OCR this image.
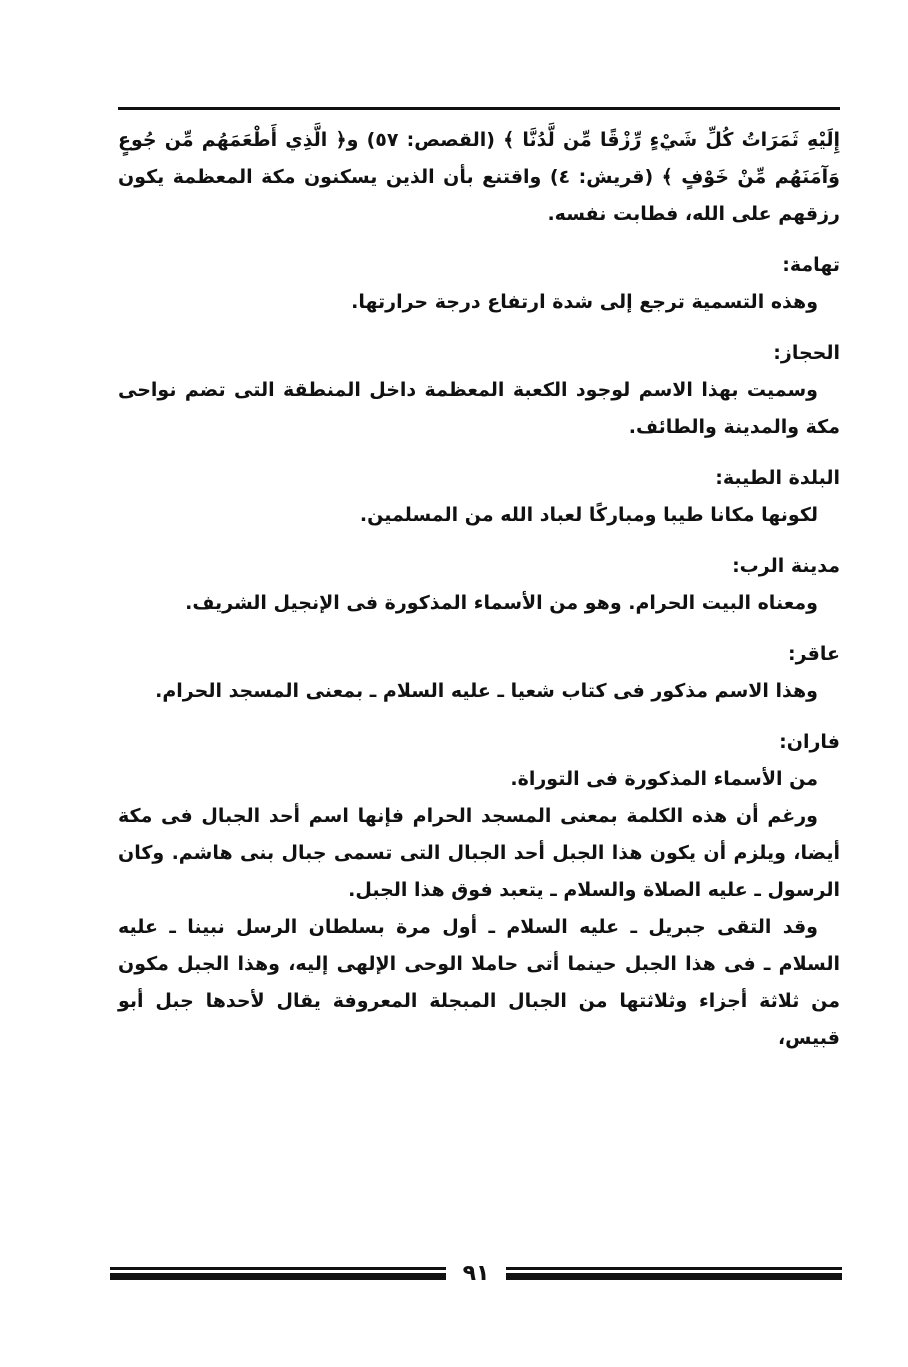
إِلَيْهِ ثَمَرَاتُ كُلِّ شَيْءٍ رِّزْقًا مِّن لَّدُنَّا ﴾ (القصص: ٥٧) و﴿ الَّذِي أَطْعَمَهُم مِّن جُوعٍ وَآمَنَهُم مِّنْ خَوْفٍ ﴾ (قريش: ٤) واقتنع بأن الذين يسكنون مكة المعظمة يكون رزقهم على الله، فطابت نفسه.

تهامة:

وهذه التسمية ترجع إلى شدة ارتفاع درجة حرارتها.

الحجاز:

وسميت بهذا الاسم لوجود الكعبة المعظمة داخل المنطقة التى تضم نواحى مكة والمدينة والطائف.

البلدة الطيبة:

لكونها مكانا طيبا ومباركًا لعباد الله من المسلمين.

مدينة الرب:

ومعناه البيت الحرام. وهو من الأسماء المذكورة فى الإنجيل الشريف.

عاقر:

وهذا الاسم مذكور فى كتاب شعيا ـ عليه السلام ـ بمعنى المسجد الحرام.

فاران:

من الأسماء المذكورة فى التوراة.

ورغم أن هذه الكلمة بمعنى المسجد الحرام فإنها اسم أحد الجبال فى مكة أيضا، ويلزم أن يكون هذا الجبل أحد الجبال التى تسمى جبال بنى هاشم. وكان الرسول ـ عليه الصلاة والسلام ـ يتعبد فوق هذا الجبل.

وقد التقى جبريل ـ عليه السلام ـ أول مرة بسلطان الرسل نبينا ـ عليه السلام ـ فى هذا الجبل حينما أتى حاملا الوحى الإلهى إليه، وهذا الجبل مكون من ثلاثة أجزاء وثلاثتها من الجبال المبجلة المعروفة يقال لأحدها جبل أبو قبيس،

٩١
